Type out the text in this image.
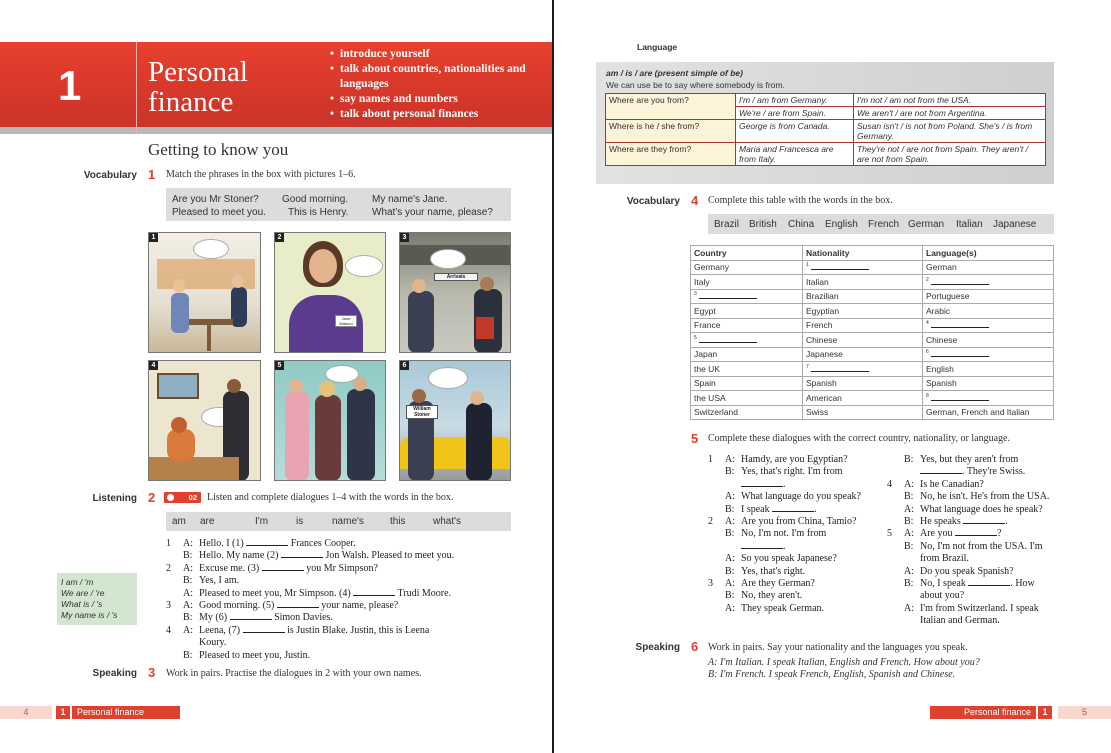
1 Personal finance
• introduce yourself
• talk about countries, nationalities and languages
• say names and numbers
• talk about personal finances
Getting to know you
Vocabulary 1 Match the phrases in the box with pictures 1–6.
Are you Mr Stoner? Good morning. My name's Jane.
Pleased to meet you. This is Henry. What's your name, please?
1	2
Jane Watson
3
Arrivals
4	5	6
William Stoner
Listening 2	02	Listen and complete dialogues 1–4 with the words in the box.
am are	I'm	is	name's	this	what's
1 A: Hello. I (1)	Frances Cooper.
B: Hello. My name (2)	Jon Walsh. Pleased to meet you.
2 A: Excuse me. (3)	you Mr Simpson?
B: Yes, I am.
A: Pleased to meet you, Mr Simpson. (4)	Trudi Moore.
3 A: Good morning. (5)	your name, please?
B: My (6)	Simon Davies.
4 A: Leena, (7)	is Justin Blake. Justin, this is Leena
Koury.
B: Pleased to meet you, Justin.
I am / 'm
We are / 're
What is / 's
My name is / 's
Speaking 3 Work in pairs. Practise the dialogues in 2 with your own names.
4	1	Personal finance
Language
am / is / are (present simple of be)
We can use be to say where somebody is from.
Where are you from?	I'm / am from Germany.	I'm not / am not from the USA.
	We're / are from Spain.	We aren't / are not from Argentina.
Where is he / she from?	George is from Canada.	Susan isn't / is not from Poland. She's / is from Germany.
Where are they from?	Maria and Francesca are from Italy.	They're not / are not from Spain. They aren't / are not from Spain.
Vocabulary 4 Complete this table with the words in the box.
Brazil British China English French German Italian Japanese
Country	Nationality	Language(s)
Germany	$^1$	German
Italy	Italian	$^2$
$^3$	Brazilian	Portuguese
Egypt	Egyptian	Arabic
France	French	$^4$
$^5$	Chinese	Chinese
Japan	Japanese	$^6$
the UK	$^7$	English
Spain	Spanish	Spanish
the USA	American	$^8$
Switzerland	Swiss	German, French and Italian
5 Complete these dialogues with the correct country, nationality, or language.
1 A: Hamdy, are you Egyptian?
B: Yes, that's right. I'm from
.
A: What language do you speak?
B: I speak	.
2 A: Are you from China, Tamio?
B: No, I'm not. I'm from
.
A: So you speak Japanese?
B: Yes, that's right.
3 A: Are they German?
B: No, they aren't.
A: They speak German.
B: Yes, but they aren't from
. They're Swiss.
4 A: Is he Canadian?
B: No, he isn't. He's from the USA.
A: What language does he speak?
B: He speaks	.
5 A: Are you	?
B: No, I'm not from the USA. I'm
from Brazil.
A: Do you speak Spanish?
B: No, I speak	. How
about you?
A: I'm from Switzerland. I speak
Italian and German.
Speaking 6 Work in pairs. Say your nationality and the languages you speak.
A: I'm Italian. I speak Italian, English and French. How about you?
B: I'm French. I speak French, English, Spanish and Chinese.
Personal finance	1	5
